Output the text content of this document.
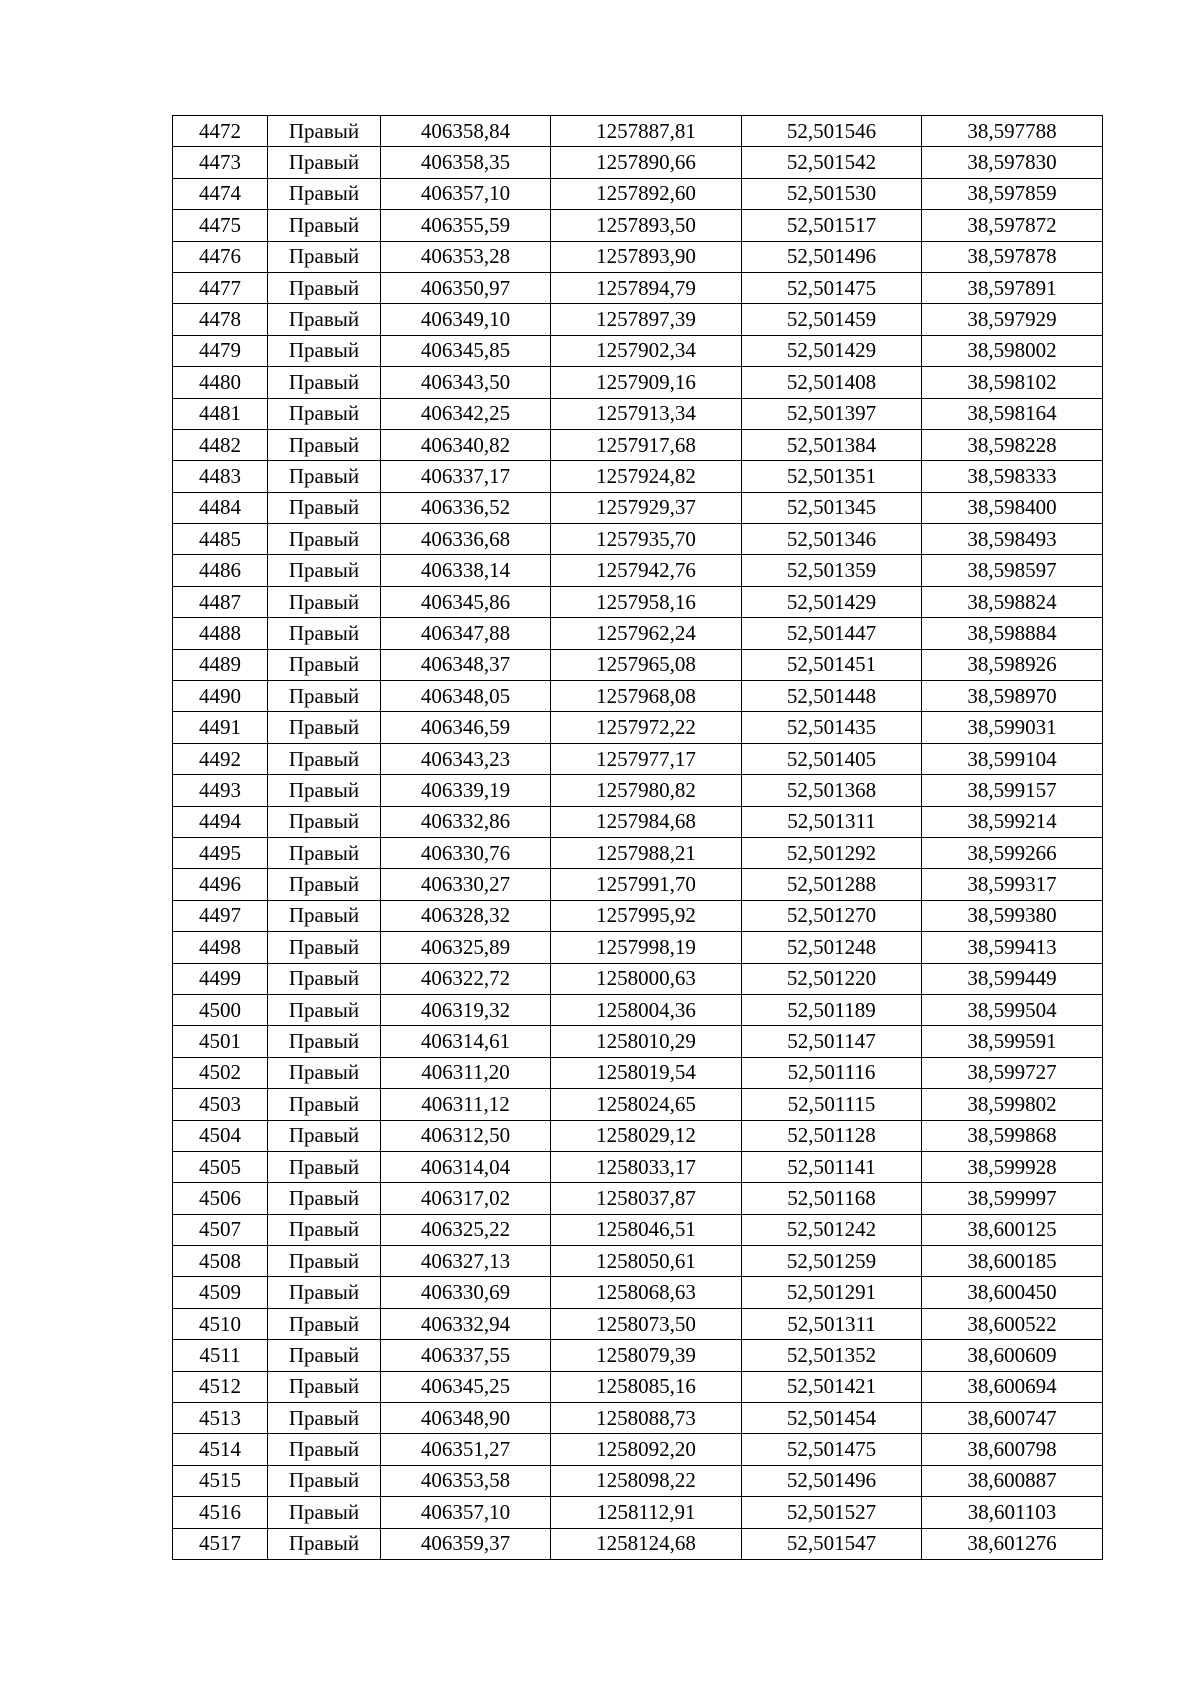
4472	Правый	406358,84	1257887,81	52,501546	38,597788
4473	Правый	406358,35	1257890,66	52,501542	38,597830
4474	Правый	406357,10	1257892,60	52,501530	38,597859
4475	Правый	406355,59	1257893,50	52,501517	38,597872
4476	Правый	406353,28	1257893,90	52,501496	38,597878
4477	Правый	406350,97	1257894,79	52,501475	38,597891
4478	Правый	406349,10	1257897,39	52,501459	38,597929
4479	Правый	406345,85	1257902,34	52,501429	38,598002
4480	Правый	406343,50	1257909,16	52,501408	38,598102
4481	Правый	406342,25	1257913,34	52,501397	38,598164
4482	Правый	406340,82	1257917,68	52,501384	38,598228
4483	Правый	406337,17	1257924,82	52,501351	38,598333
4484	Правый	406336,52	1257929,37	52,501345	38,598400
4485	Правый	406336,68	1257935,70	52,501346	38,598493
4486	Правый	406338,14	1257942,76	52,501359	38,598597
4487	Правый	406345,86	1257958,16	52,501429	38,598824
4488	Правый	406347,88	1257962,24	52,501447	38,598884
4489	Правый	406348,37	1257965,08	52,501451	38,598926
4490	Правый	406348,05	1257968,08	52,501448	38,598970
4491	Правый	406346,59	1257972,22	52,501435	38,599031
4492	Правый	406343,23	1257977,17	52,501405	38,599104
4493	Правый	406339,19	1257980,82	52,501368	38,599157
4494	Правый	406332,86	1257984,68	52,501311	38,599214
4495	Правый	406330,76	1257988,21	52,501292	38,599266
4496	Правый	406330,27	1257991,70	52,501288	38,599317
4497	Правый	406328,32	1257995,92	52,501270	38,599380
4498	Правый	406325,89	1257998,19	52,501248	38,599413
4499	Правый	406322,72	1258000,63	52,501220	38,599449
4500	Правый	406319,32	1258004,36	52,501189	38,599504
4501	Правый	406314,61	1258010,29	52,501147	38,599591
4502	Правый	406311,20	1258019,54	52,501116	38,599727
4503	Правый	406311,12	1258024,65	52,501115	38,599802
4504	Правый	406312,50	1258029,12	52,501128	38,599868
4505	Правый	406314,04	1258033,17	52,501141	38,599928
4506	Правый	406317,02	1258037,87	52,501168	38,599997
4507	Правый	406325,22	1258046,51	52,501242	38,600125
4508	Правый	406327,13	1258050,61	52,501259	38,600185
4509	Правый	406330,69	1258068,63	52,501291	38,600450
4510	Правый	406332,94	1258073,50	52,501311	38,600522
4511	Правый	406337,55	1258079,39	52,501352	38,600609
4512	Правый	406345,25	1258085,16	52,501421	38,600694
4513	Правый	406348,90	1258088,73	52,501454	38,600747
4514	Правый	406351,27	1258092,20	52,501475	38,600798
4515	Правый	406353,58	1258098,22	52,501496	38,600887
4516	Правый	406357,10	1258112,91	52,501527	38,601103
4517	Правый	406359,37	1258124,68	52,501547	38,601276
